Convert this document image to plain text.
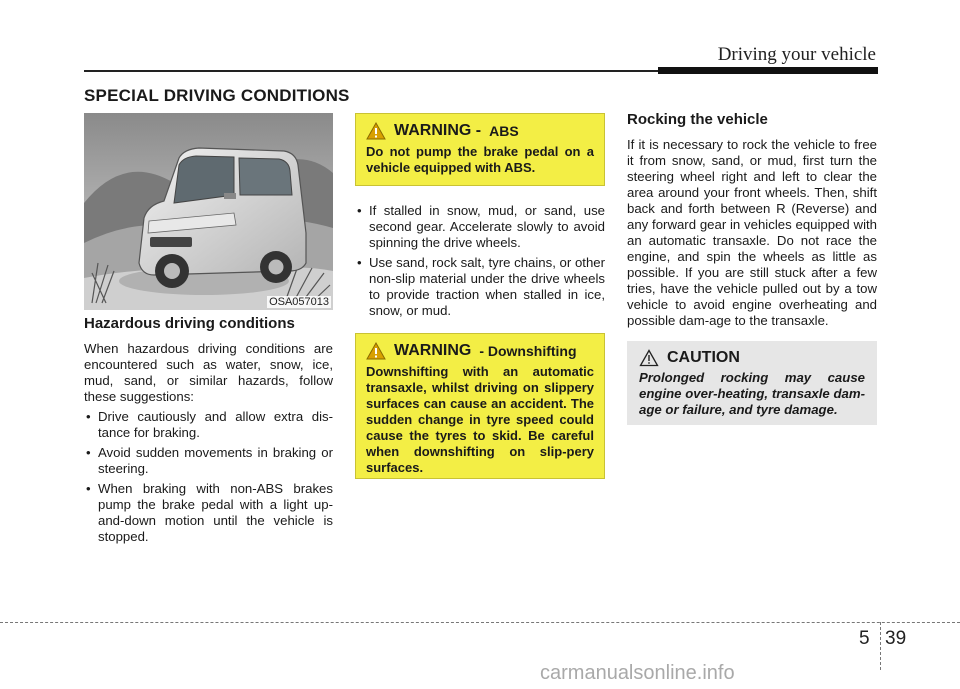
Driving your vehicle
SPECIAL DRIVING CONDITIONS
OSA057013
Hazardous driving conditions

When hazardous driving conditions are encountered such as water, snow, ice, mud, sand, or similar hazards, follow these suggestions:

• Drive cautiously and allow extra dis-tance for braking.
• Avoid sudden movements in braking or steering.
• When braking with non-ABS brakes pump the brake pedal with a light up-and-down motion until the vehicle is stopped.
WARNING - ABS

Do not pump the brake pedal on a vehicle equipped with ABS.

• If stalled in snow, mud, or sand, use second gear. Accelerate slowly to avoid spinning the drive wheels.
• Use sand, rock salt, tyre chains, or other non-slip material under the drive wheels to provide traction when stalled in ice, snow, or mud.
WARNING - Downshifting

Downshifting with an automatic transaxle, whilst driving on slippery surfaces can cause an accident. The sudden change in tyre speed could cause the tyres to skid. Be careful when downshifting on slip-pery surfaces.

Rocking the vehicle

If it is necessary to rock the vehicle to free it from snow, sand, or mud, first turn the steering wheel right and left to clear the area around your front wheels. Then, shift back and forth between R (Reverse) and any forward gear in vehicles equipped with an automatic transaxle. Do not race the engine, and spin the wheels as little as possible. If you are still stuck after a few tries, have the vehicle pulled out by a tow vehicle to avoid engine overheating and possible dam-age to the transaxle.

CAUTION

Prolonged rocking may cause engine over-heating, transaxle dam-age or failure, and tyre damage.

5 39
carmanualsonline.info
